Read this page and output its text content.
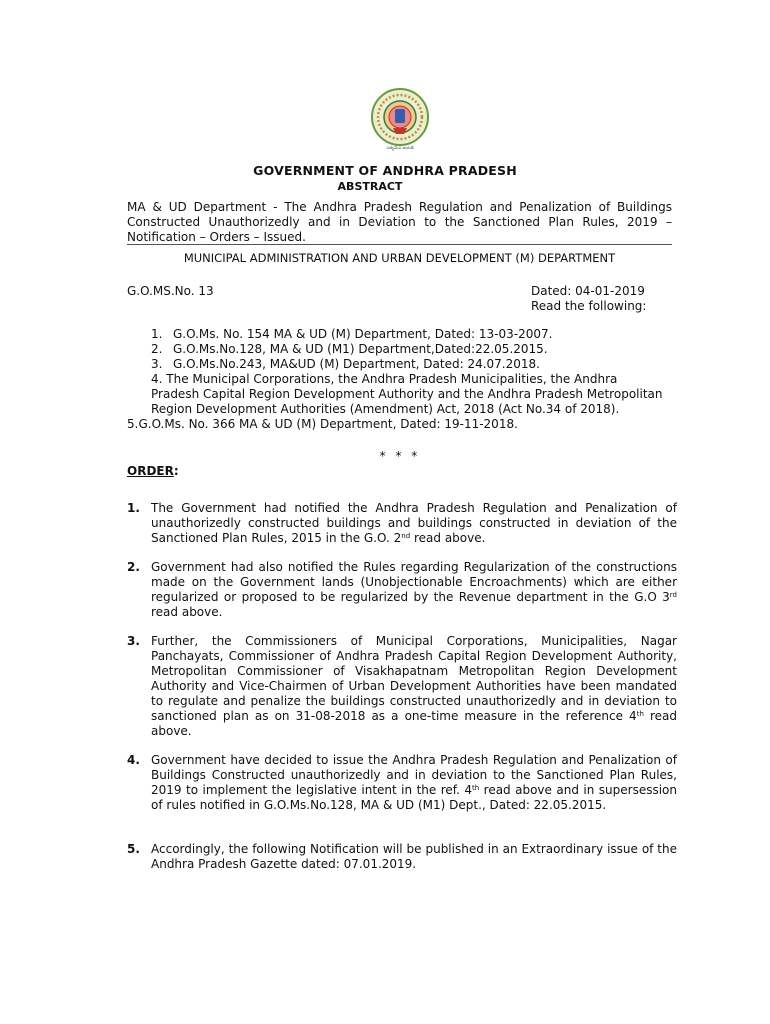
సత్యమేవ జయతే
GOVERNMENT OF ANDHRA PRADESH
ABSTRACT
MA & UD Department - The Andhra Pradesh Regulation and Penalization of Buildings Constructed Unauthorizedly and in Deviation to the Sanctioned Plan Rules, 2019 – Notification – Orders – Issued.
MUNICIPAL ADMINISTRATION AND URBAN DEVELOPMENT (M) DEPARTMENT
G.O.MS.No. 13	Dated: 04-01-2019
Read the following:
1. G.O.Ms. No. 154 MA & UD (M) Department, Dated: 13-03-2007.
2. G.O.Ms.No.128, MA & UD (M1) Department,Dated:22.05.2015.
3. G.O.Ms.No.243, MA&UD (M) Department, Dated: 24.07.2018.
4. The Municipal Corporations, the Andhra Pradesh Municipalities, the Andhra Pradesh Capital Region Development Authority and the Andhra Pradesh Metropolitan Region Development Authorities (Amendment) Act, 2018 (Act No.34 of 2018).
5.G.O.Ms. No. 366 MA & UD (M) Department, Dated: 19-11-2018.
* * *
ORDER:
1. The Government had notified the Andhra Pradesh Regulation and Penalization of unauthorizedly constructed buildings and buildings constructed in deviation of the Sanctioned Plan Rules, 2015 in the G.O. 2nd read above.
2. Government had also notified the Rules regarding Regularization of the constructions made on the Government lands (Unobjectionable Encroachments) which are either regularized or proposed to be regularized by the Revenue department in the G.O 3rd read above.
3. Further, the Commissioners of Municipal Corporations, Municipalities, Nagar Panchayats, Commissioner of Andhra Pradesh Capital Region Development Authority, Metropolitan Commissioner of Visakhapatnam Metropolitan Region Development Authority and Vice-Chairmen of Urban Development Authorities have been mandated to regulate and penalize the buildings constructed unauthorizedly and in deviation to sanctioned plan as on 31-08-2018 as a one-time measure in the reference 4th read above.
4. Government have decided to issue the Andhra Pradesh Regulation and Penalization of Buildings Constructed unauthorizedly and in deviation to the Sanctioned Plan Rules, 2019 to implement the legislative intent in the ref. 4th read above and in supersession of rules notified in G.O.Ms.No.128, MA & UD (M1) Dept., Dated: 22.05.2015.
5. Accordingly, the following Notification will be published in an Extraordinary issue of the Andhra Pradesh Gazette dated: 07.01.2019.
